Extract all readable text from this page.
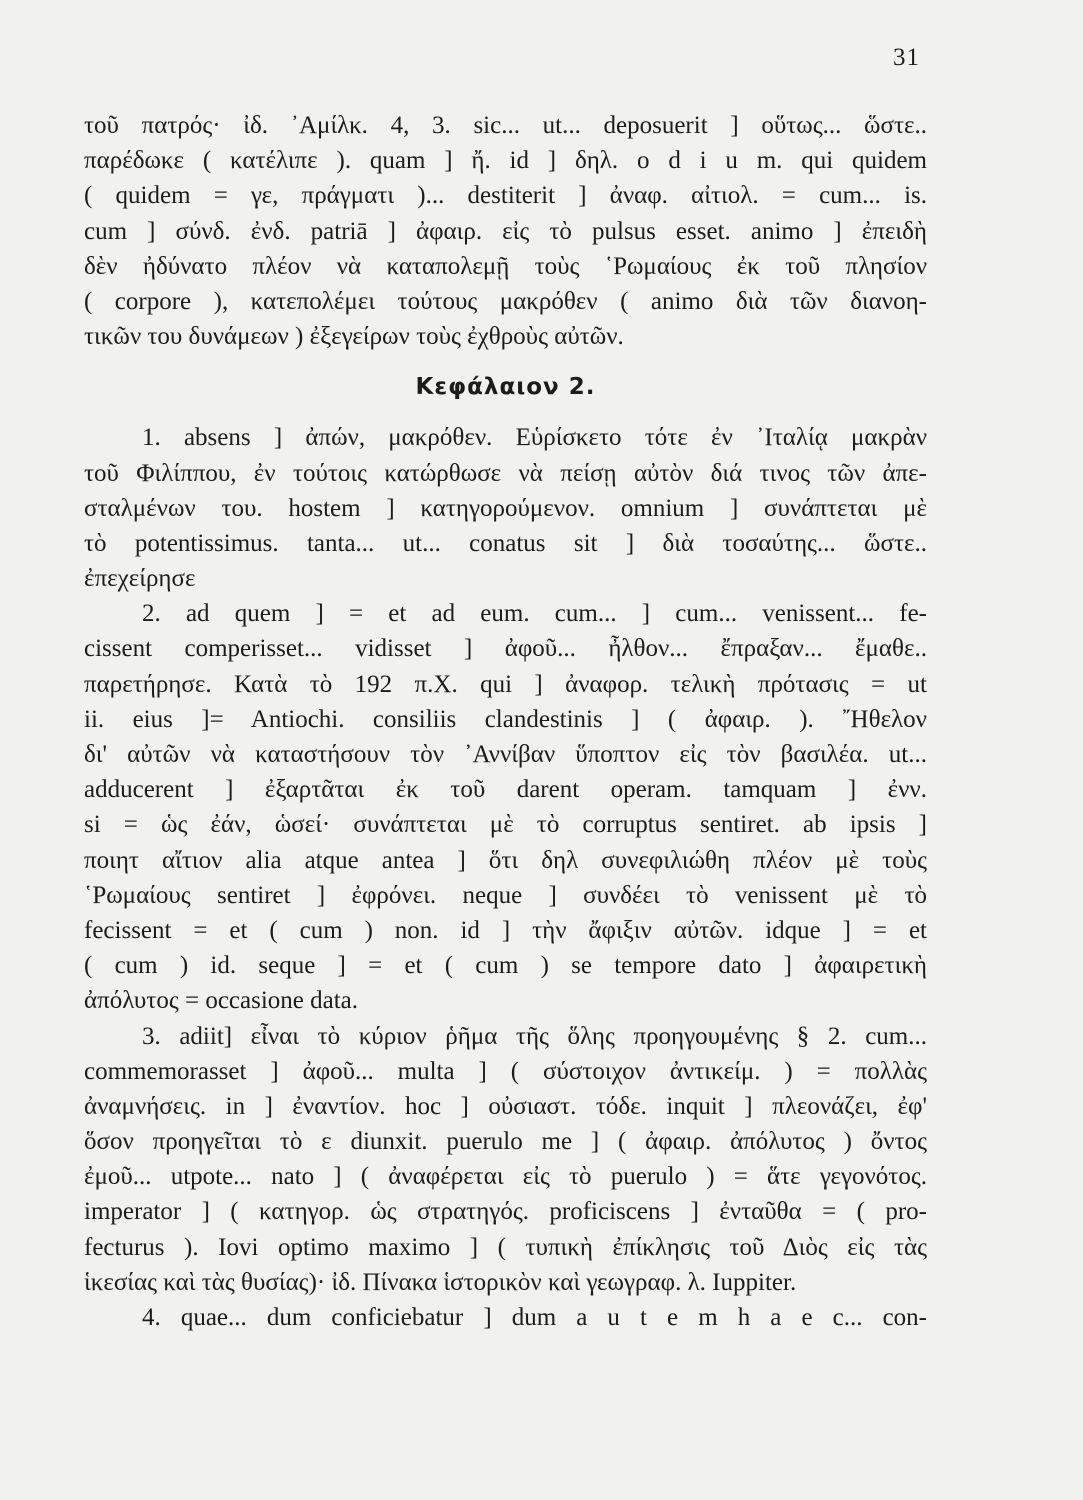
31
τοῦ πατρός· ἰδ. ᾿Αμίλκ. 4, 3. sic... ut... deposuerit ] οὕτως... ὥστε..
παρέδωκε ( κατέλιπε ). quam ] ἤ. id ] δηλ. o d i u m. qui quidem
( quidem = γε, πράγματι )... destiterit ] ἀναφ. αἰτιολ. = cum... is.
cum ] σύνδ. ἐνδ. patriā ] ἀφαιρ. εἰς τὸ pulsus esset. animo ] ἐπειδὴ
δὲν ἠδύνατο πλέον νὰ καταπολεμῇ τοὺς ῾Ρωμαίους ἐκ τοῦ πλησίον
( corpore ), κατεπολέμει τούτους μακρόθεν ( animo διὰ τῶν διανοη-
τικῶν του δυνάμεων ) ἐξεγείρων τοὺς ἐχθροὺς αὐτῶν.
Κεφάλαιον 2.
1. absens ] ἀπών, μακρόθεν. Εὑρίσκετο τότε ἐν ᾿Ιταλίᾳ μακρὰν
τοῦ Φιλίππου, ἐν τούτοις κατώρθωσε νὰ πείσῃ αὐτὸν διά τινος τῶν ἀπε-
σταλμένων του. hostem ] κατηγορούμενον. omnium ] συνάπτεται μὲ
τὸ potentissimus. tanta... ut... conatus sit ] διὰ τοσαύτης... ὥστε..
ἐπεχείρησε
2. ad quem ] = et ad eum. cum... ] cum... venissent... fe-
cissent comperisset... vidisset ] ἀφοῦ... ἦλθον... ἔπραξαν... ἔμαθε..
παρετήρησε. Κατὰ τὸ 192 π.Χ. qui ] ἀναφορ. τελικὴ πρότασις = ut
ii. eius ]= Antiochi. consiliis clandestinis ] ( ἀφαιρ. ). ῎Ηθελον
δι' αὐτῶν νὰ καταστήσουν τὸν ᾿Αννίβαν ὕποπτον εἰς τὸν βασιλέα. ut...
adducerent ] ἐξαρτᾶται ἐκ τοῦ darent operam. tamquam ] ἐνν.
si = ὡς ἐάν, ὡσεί· συνάπτεται μὲ τὸ corruptus sentiret. ab ipsis ]
ποιητ αἴτιον alia atque antea ] ὅτι δηλ συνεφιλιώθη πλέον μὲ τοὺς
῾Ρωμαίους sentiret ] ἐφρόνει. neque ] συνδέει τὸ venissent μὲ τὸ
fecissent = et ( cum ) non. id ] τὴν ἄφιξιν αὐτῶν. idque ] = et
( cum ) id. seque ] = et ( cum ) se tempore dato ] ἀφαιρετικὴ
ἀπόλυτος = occasione data.
3. adiit] εἶναι τὸ κύριον ῥῆμα τῆς ὅλης προηγουμένης § 2. cum...
commemorasset ] ἀφοῦ... multa ] ( σύστοιχον ἀντικείμ. ) = πολλὰς
ἀναμνήσεις. in ] ἐναντίον. hoc ] οὐσιαστ. τόδε. inquit ] πλεονάζει, ἐφ'
ὅσον προηγεῖται τὸ ε diunxit. puerulo me ] ( ἀφαιρ. ἀπόλυτος ) ὄντος
ἐμοῦ... utpote... nato ] ( ἀναφέρεται εἰς τὸ puerulo ) = ἅτε γεγονότος.
imperator ] ( κατηγορ. ὡς στρατηγός. proficiscens ] ἐνταῦθα = ( pro-
fecturus ). Iovi optimo maximo ] ( τυπικὴ ἐπίκλησις τοῦ Διὸς εἰς τὰς
ἱκεσίας καὶ τὰς θυσίας)· ἰδ. Πίνακα ἱστορικὸν καὶ γεωγραφ. λ. Iuppiter.
4. quae... dum conficiebatur ] dum a u t e m h a e c... con-
